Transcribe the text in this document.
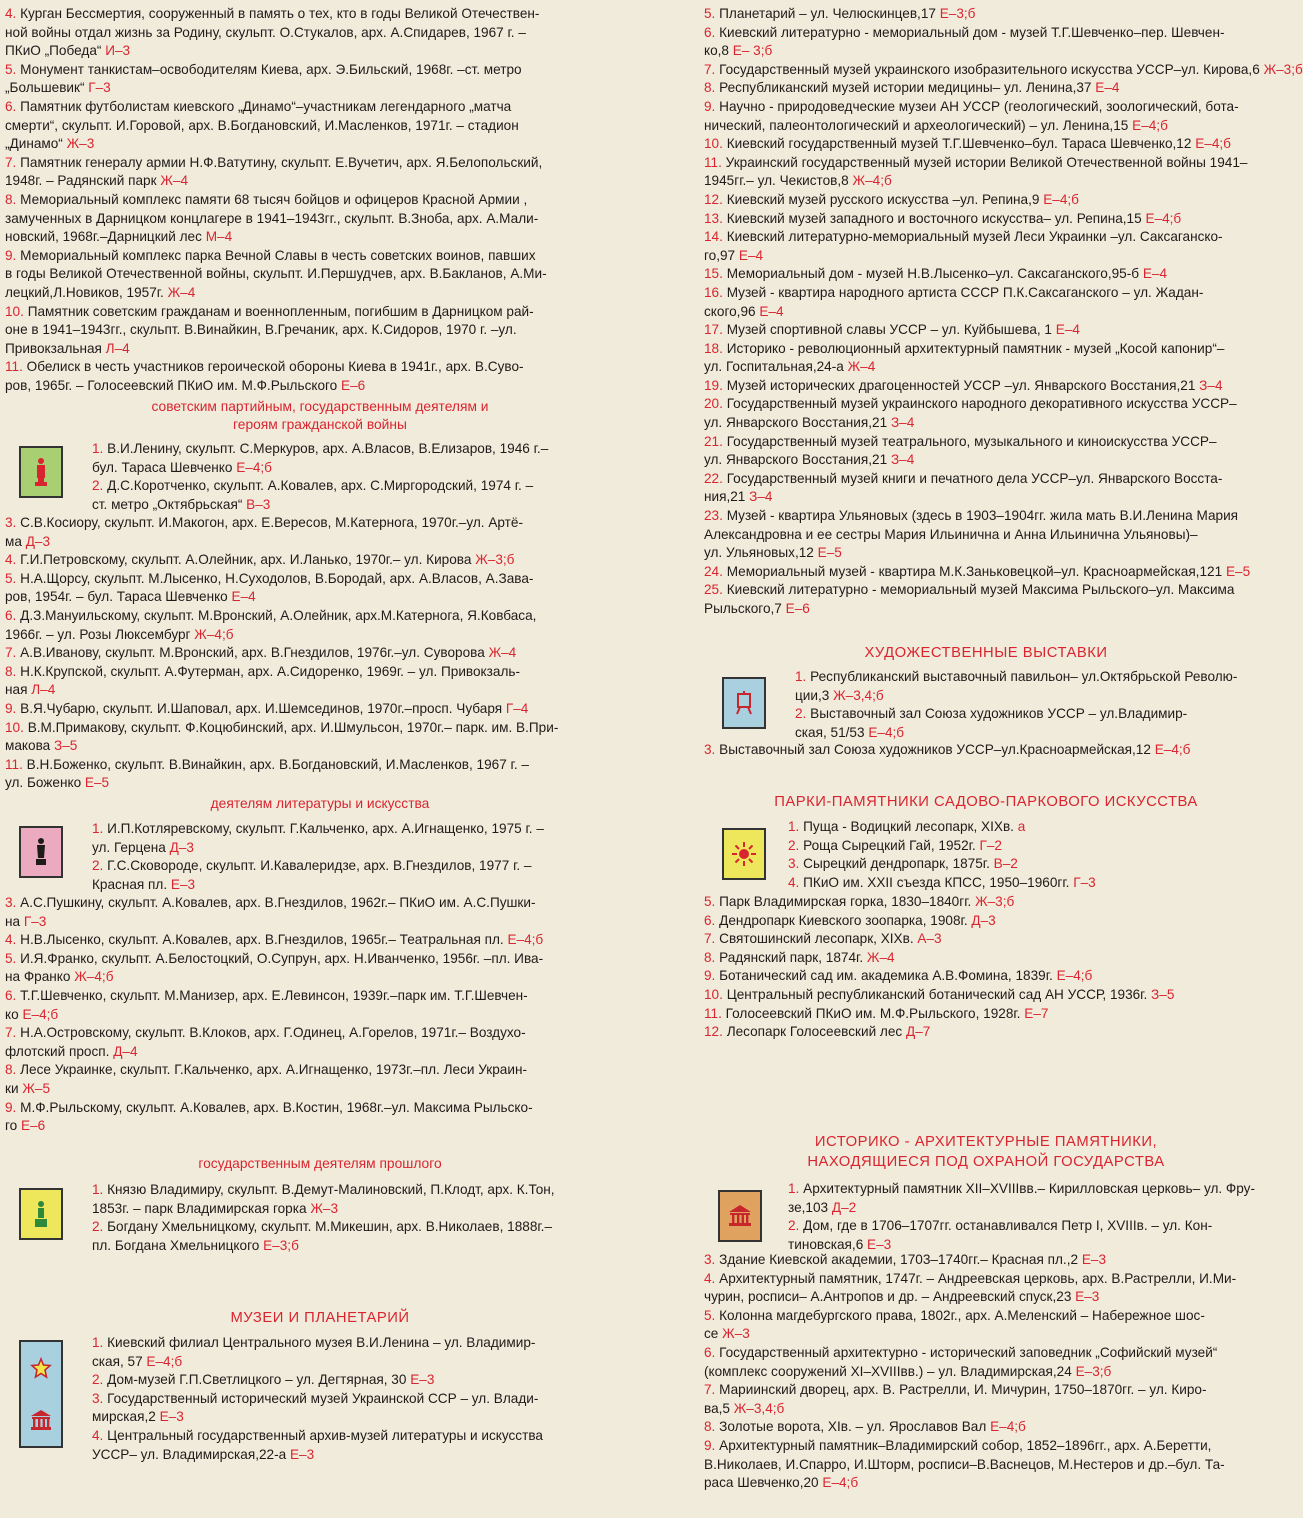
4. Курган Бессмертия, сооруженный в память о тех, кто в годы Великой Отечествен-
ной войны отдал жизнь за Родину, скульпт. О.Стукалов, арх. А.Спидарев, 1967 г. –
ПКиО „Победа“ И–3
5. Монумент танкистам–освободителям Киева, арх. Э.Бильский, 1968г. –ст. метро
„Большевик“ Г–3
6. Памятник футболистам киевского „Динамо“–участникам легендарного „матча
смерти“, скульпт. И.Горовой, арх. В.Богдановский, И.Масленков, 1971г. – стадион
„Динамо“ Ж–3
7. Памятник генералу армии Н.Ф.Ватутину, скульпт. Е.Вучетич, арх. Я.Белопольский,
1948г. – Радянский парк Ж–4
8. Мемориальный комплекс памяти 68 тысяч бойцов и офицеров Красной Армии ,
замученных в Дарницком концлагере в 1941–1943гг., скульпт. В.Зноба, арх. А.Мали-
новский, 1968г.–Дарницкий лес М–4
9. Мемориальный комплекс парка Вечной Славы в честь советских воинов, павших
в годы Великой Отечественной войны, скульпт. И.Першудчев, арх. В.Бакланов, А.Ми-
лецкий,Л.Новиков, 1957г. Ж–4
10. Памятник советским гражданам и военнопленным, погибшим в Дарницком рай-
оне в 1941–1943гг., скульпт. В.Винайкин, В.Гречаник, арх. К.Сидоров, 1970 г. –ул.
Привокзальная Л–4
11. Обелиск в честь участников героической обороны Киева в 1941г., арх. В.Суво-
ров, 1965г. – Голосеевский ПКиО им. М.Ф.Рыльского Е–6
советским партийным, государственным деятелям и
героям гражданской войны
1. В.И.Ленину, скульпт. С.Меркуров, арх. А.Власов, В.Елизаров, 1946 г.–
бул. Тараса Шевченко Е–4;б
2. Д.С.Коротченко, скульпт. А.Ковалев, арх. С.Миргородский, 1974 г. –
ст. метро „Октябрьская“ В–3
3. С.В.Косиору, скульпт. И.Макогон, арх. Е.Вересов, М.Катернога, 1970г.–ул. Артё-
ма Д–3
4. Г.И.Петровскому, скульпт. А.Олейник, арх. И.Ланько, 1970г.– ул. Кирова Ж–3;б
5. Н.А.Щорсу, скульпт. М.Лысенко, Н.Суходолов, В.Бородай, арх. А.Власов, А.Зава-
ров, 1954г. – бул. Тараса Шевченко Е–4
6. Д.З.Мануильскому, скульпт. М.Вронский, А.Олейник, арх.М.Катернога, Я.Ковбаса,
1966г. – ул. Розы Люксембург Ж–4;б
7. А.В.Иванову, скульпт. М.Вронский, арх. В.Гнездилов, 1976г.–ул. Суворова Ж–4
8. Н.К.Крупской, скульпт. А.Футерман, арх. А.Сидоренко, 1969г. – ул. Привокзаль-
ная Л–4
9. В.Я.Чубарю, скульпт. И.Шаповал, арх. И.Шемсединов, 1970г.–просп. Чубаря Г–4
10. В.М.Примакову, скульпт. Ф.Коцюбинский, арх. И.Шмульсон, 1970г.– парк. им. В.При-
макова З–5
11. В.Н.Боженко, скульпт. В.Винайкин, арх. В.Богдановский, И.Масленков, 1967 г. –
ул. Боженко Е–5
деятелям литературы и искусства
1. И.П.Котляревскому, скульпт. Г.Кальченко, арх. А.Игнащенко, 1975 г. –
ул. Герцена Д–3
2. Г.С.Сковороде, скульпт. И.Кавалеридзе, арх. В.Гнездилов, 1977 г. –
Красная пл. Е–3
3. А.С.Пушкину, скульпт. А.Ковалев, арх. В.Гнездилов, 1962г.– ПКиО им. А.С.Пушки-
на Г–3
4. Н.В.Лысенко, скульпт. А.Ковалев, арх. В.Гнездилов, 1965г.– Театральная пл. Е–4;б
5. И.Я.Франко, скульпт. А.Белостоцкий, О.Супрун, арх. Н.Иванченко, 1956г. –пл. Ива-
на Франко Ж–4;б
6. Т.Г.Шевченко, скульпт. М.Манизер, арх. Е.Левинсон, 1939г.–парк им. Т.Г.Шевчен-
ко Е–4;б
7. Н.А.Островскому, скульпт. В.Клоков, арх. Г.Одинец, А.Горелов, 1971г.– Воздухо-
флотский просп. Д–4
8. Лесе Украинке, скульпт. Г.Кальченко, арх. А.Игнащенко, 1973г.–пл. Леси Украин-
ки Ж–5
9. М.Ф.Рыльскому, скульпт. А.Ковалев, арх. В.Костин, 1968г.–ул. Максима Рыльско-
го Е–6
государственным деятелям прошлого
1. Князю Владимиру, скульпт. В.Демут-Малиновский, П.Клодт, арх. К.Тон,
1853г. – парк Владимирская горка Ж–3
2. Богдану Хмельницкому, скульпт. М.Микешин, арх. В.Николаев, 1888г.–
пл. Богдана Хмельницкого Е–3;б
МУЗЕИ И ПЛАНЕТАРИЙ
1. Киевский филиал Центрального музея В.И.Ленина – ул. Владимир-
ская, 57 Е–4;б
2. Дом-музей Г.П.Светлицкого – ул. Дегтярная, 30 Е–3
3. Государственный исторический музей Украинской ССР – ул. Влади-
мирская,2 Е–3
4. Центральный государственный архив-музей литературы и искусства
УССР– ул. Владимирская,22-а Е–3
5. Планетарий – ул. Челюскинцев,17 Е–3;б
6. Киевский литературно - мемориальный дом - музей Т.Г.Шевченко–пер. Шевчен-
ко,8 Е– 3;б
7. Государственный музей украинского изобразительного искусства УССР–ул. Кирова,6 Ж–3;б
8. Республиканский музей истории медицины– ул. Ленина,37 Е–4
9. Научно - природоведческие музеи АН УССР (геологический, зоологический, бота-
нический, палеонтологический и археологический) – ул. Ленина,15 Е–4;б
10. Киевский государственный музей Т.Г.Шевченко–бул. Тараса Шевченко,12 Е–4;б
11. Украинский государственный музей истории Великой Отечественной войны 1941–
1945гг.– ул. Чекистов,8 Ж–4;б
12. Киевский музей русского искусства –ул. Репина,9 Е–4;б
13. Киевский музей западного и восточного искусства– ул. Репина,15 Е–4;б
14. Киевский литературно-мемориальный музей Леси Украинки –ул. Саксаганско-
го,97 Е–4
15. Мемориальный дом - музей Н.В.Лысенко–ул. Саксаганского,95-б Е–4
16. Музей - квартира народного артиста СССР П.К.Саксаганского – ул. Жадан-
ского,96 Е–4
17. Музей спортивной славы УССР – ул. Куйбышева, 1 Е–4
18. Историко - революционный архитектурный памятник - музей „Косой капонир“–
ул. Госпитальная,24-а Ж–4
19. Музей исторических драгоценностей УССР –ул. Январского Восстания,21 З–4
20. Государственный музей украинского народного декоративного искусства УССР–
ул. Январского Восстания,21 З–4
21. Государственный музей театрального, музыкального и киноискусства УССР–
ул. Январского Восстания,21 З–4
22. Государственный музей книги и печатного дела УССР–ул. Январского Восста-
ния,21 З–4
23. Музей - квартира Ульяновых (здесь в 1903–1904гг. жила мать В.И.Ленина Мария
Александровна и ее сестры Мария Ильинична и Анна Ильинична Ульяновы)–
ул. Ульяновых,12 Е–5
24. Мемориальный музей - квартира М.К.Заньковецкой–ул. Красноармейская,121 Е–5
25. Киевский литературно - мемориальный музей Максима Рыльского–ул. Максима
Рыльского,7 Е–6
ХУДОЖЕСТВЕННЫЕ ВЫСТАВКИ
1. Республиканский выставочный павильон– ул.Октябрьской Револю-
ции,3 Ж–3,4;б
2. Выставочный зал Союза художников УССР – ул.Владимир-
ская, 51/53 Е–4;б
3. Выставочный зал Союза художников УССР–ул.Красноармейская,12 Е–4;б
ПАРКИ-ПАМЯТНИКИ САДОВО-ПАРКОВОГО ИСКУССТВА
1. Пуща - Водицкий лесопарк, XIXв. а
2. Роща Сырецкий Гай, 1952г. Г–2
3. Сырецкий дендропарк, 1875г. В–2
4. ПКиО им. XXII съезда КПСС, 1950–1960гг. Г–3
5. Парк Владимирская горка, 1830–1840гг. Ж–3;б
6. Дендропарк Киевского зоопарка, 1908г. Д–3
7. Святошинский лесопарк, XIXв. А–3
8. Радянский парк, 1874г. Ж–4
9. Ботанический сад им. академика А.В.Фомина, 1839г. Е–4;б
10. Центральный республиканский ботанический сад АН УССР, 1936г. З–5
11. Голосеевский ПКиО им. М.Ф.Рыльского, 1928г. Е–7
12. Лесопарк Голосеевский лес Д–7
ИСТОРИКО - АРХИТЕКТУРНЫЕ ПАМЯТНИКИ,
НАХОДЯЩИЕСЯ ПОД ОХРАНОЙ ГОСУДАРСТВА
1. Архитектурный памятник XII–XVIIIвв.– Кирилловская церковь– ул. Фру-
зе,103 Д–2
2. Дом, где в 1706–1707гг. останавливался Петр I, XVIIIв. – ул. Кон-
тиновская,6 Е–3
3. Здание Киевской академии, 1703–1740гг.– Красная пл.,2 Е–3
4. Архитектурный памятник, 1747г. – Андреевская церковь, арх. В.Растрелли, И.Ми-
чурин, росписи– А.Антропов и др. – Андреевский спуск,23 Е–3
5. Колонна магдебургского права, 1802г., арх. А.Меленский – Набережное шос-
се Ж–3
6. Государственный архитектурно - исторический заповедник „Софийский музей“
(комплекс сооружений XI–XVIIIвв.) – ул. Владимирская,24 Е–3;б
7. Мариинский дворец, арх. В. Растрелли, И. Мичурин, 1750–1870гг. – ул. Киро-
ва,5 Ж–3,4;б
8. Золотые ворота, XIв. – ул. Ярославов Вал Е–4;б
9. Архитектурный памятник–Владимирский собор, 1852–1896гг., арх. А.Беретти,
В.Николаев, И.Спарро, И.Шторм, росписи–В.Васнецов, М.Нестеров и др.–бул. Та-
раса Шевченко,20 Е–4;б
